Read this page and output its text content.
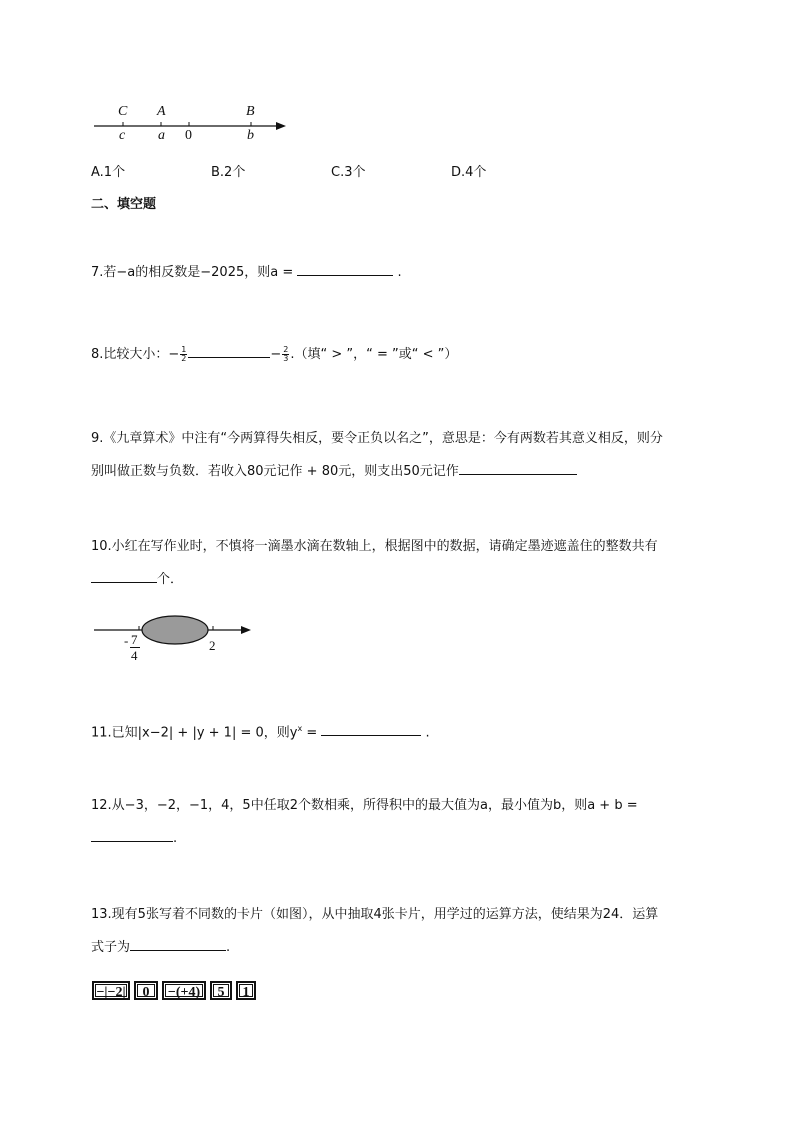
C A	B
c a 0	b
A.1个	B.2个	C.3个	D.4个
二、填空题
7.若−a的相反数是−2025，则a =	.
8.比较大小：− $\frac{1}{2}$	− $\frac{2}{3}$ .（填“ > ”，“ = ”或“ < ”）
9.《九章算术》中注有“今两算得失相反，要令正负以名之”，意思是：今有两数若其意义相反，则分
别叫做正数与负数．若收入80元记作 + 80元，则支出50元记作
10.小红在写作业时，不慎将一滴墨水滴在数轴上，根据图中的数据，请确定墨迹遮盖住的整数共有
个．
- 7
4
2
11.已知|x−2| + |y + 1| = 0，则$y^x$ =	.
12.从−3，−2，−1，4，5中任取2个数相乘，所得积中的最大值为a，最小值为b，则a + b =
.
13.现有5张写着不同数的卡片（如图），从中抽取4张卡片，用学过的运算方法，使结果为24．运算
式子为	.
−|−2|	0	−(+4)	5	1
